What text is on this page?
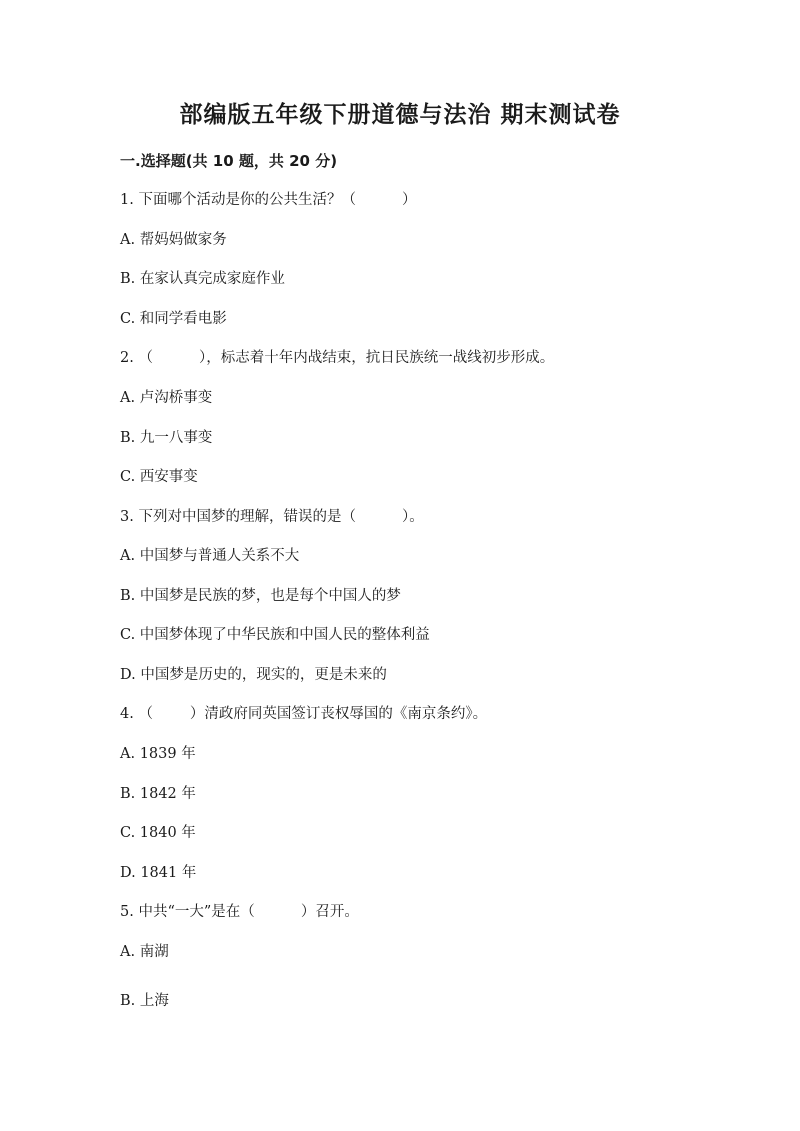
部编版五年级下册道德与法治 期末测试卷
一.选择题(共 10 题，共 20 分)
1. 下面哪个活动是你的公共生活？（          ）
A. 帮妈妈做家务
B. 在家认真完成家庭作业
C. 和同学看电影
2. （          ），标志着十年内战结束，抗日民族统一战线初步形成。
A. 卢沟桥事变
B. 九一八事变
C. 西安事变
3. 下列对中国梦的理解，错误的是（          ）。
A. 中国梦与普通人关系不大
B. 中国梦是民族的梦，也是每个中国人的梦
C. 中国梦体现了中华民族和中国人民的整体利益
D. 中国梦是历史的，现实的，更是未来的
4. （        ）清政府同英国签订丧权辱国的《南京条约》。
A. 1839 年
B. 1842 年
C. 1840 年
D. 1841 年
5. 中共“一大”是在（          ）召开。
A. 南湖
B. 上海
